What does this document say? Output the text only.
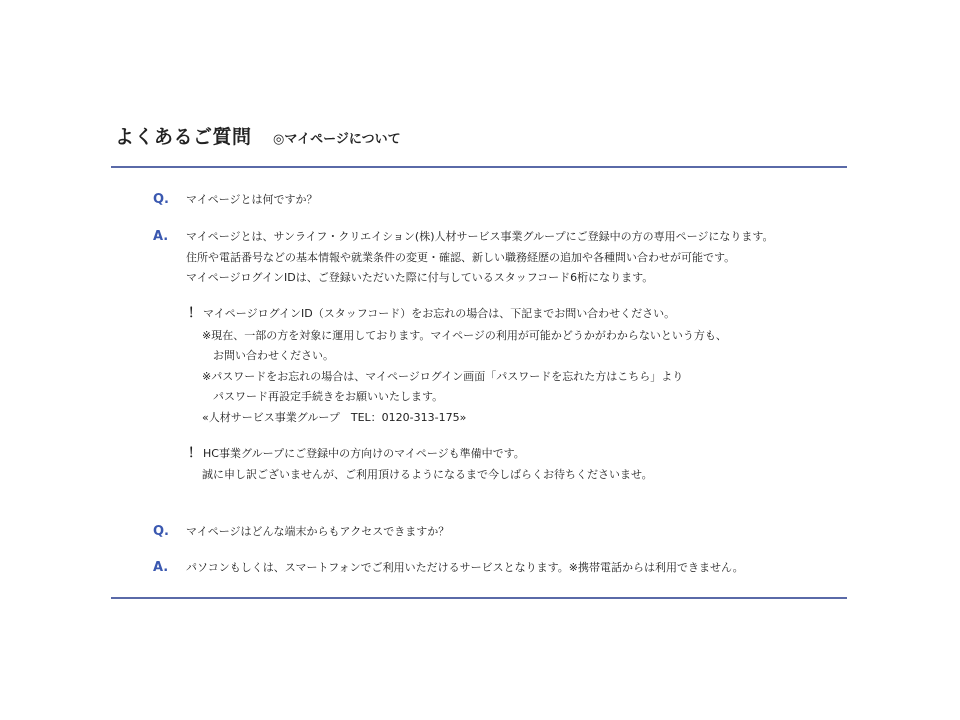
よくあるご質問 ◎マイページについて
Q. マイページとは何ですか？
A. マイページとは、サンライフ・クリエイション(株)人材サービス事業グループにご登録中の方の専用ページになります。
住所や電話番号などの基本情報や就業条件の変更・確認、新しい職務経歴の追加や各種問い合わせが可能です。
マイページログインIDは、ご登録いただいた際に付与しているスタッフコード6桁になります。
！ マイページログインID（スタッフコード）をお忘れの場合は、下記までお問い合わせください。
※現在、一部の方を対象に運用しております。マイページの利用が可能かどうかがわからないという方も、
お問い合わせください。
※パスワードをお忘れの場合は、マイページログイン画面「パスワードを忘れた方はこちら」より
パスワード再設定手続きをお願いいたします。
«人材サービス事業グループ　TEL：0120-313-175»
！ HC事業グループにご登録中の方向けのマイページも準備中です。
誠に申し訳ございませんが、ご利用頂けるようになるまで今しばらくお待ちくださいませ。
Q. マイページはどんな端末からもアクセスできますか？
A. パソコンもしくは、スマートフォンでご利用いただけるサービスとなります。※携帯電話からは利用できません。
